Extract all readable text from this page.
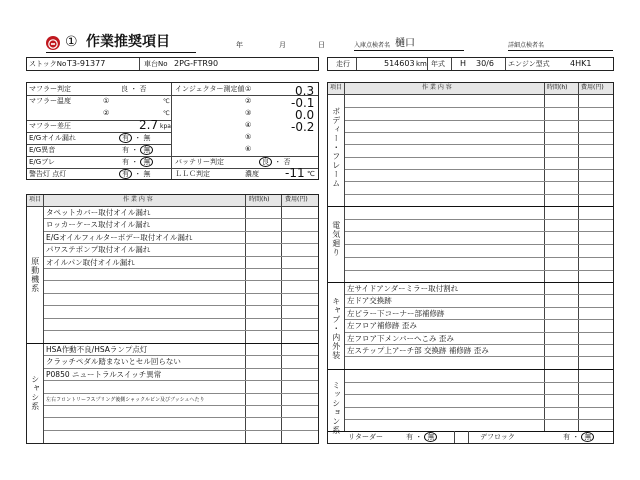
① 作業推奨項目	年	月	日	入庫点検者名 樋口	詳細点検者名
ストックNo T3-91377	車台No 2PG-FTR90	走行	514603 km 年式 H 30/6 エンジン型式	4HK1
マフラー判定	良 ・ 否
マフラー温度	①	℃
②	℃
マフラー差圧	2.7 kpa
E/Gオイル漏れ	有 ・ 無
E/G異音	有 ・ 無
E/Gブレ	有 ・ 無
警告灯 点灯	有 ・ 無
インジェクター測定値 ①	0.3
②	-0.1
③	0.0
④	-0.2
⑤
⑥
バッテリー判定	良 ・ 否
ＬＬＣ判定	濃度 -11 ℃
項目	作 業 内 容	時間(h)	費用(円)
原動機系
タペットカバー取付オイル漏れ
ロッカーケース取付オイル漏れ
E/Gオイルフィルターボデー取付オイル漏れ
パワステポンプ取付オイル漏れ
オイルパン取付オイル漏れ
シャシ系
HSA作動不良/HSAランプ点灯
クラッチペダル踏まないとセル回らない
P0850 ニュートラルスイッチ異常
左右フロントリーフスプリング後側シャックルピン及びブッシュへたり
項目	作 業 内 容	時間(h) 費用(円)
ボディー・フレーム
電気廻り
キャブ・内外装
左サイドアンダーミラー取付割れ
左ドア交換跡
左ピラー下コーナー部補修跡
左フロア補修跡 歪み
左フロア下メンバーへこみ 歪み
左ステップ上アーチ部 交換跡 補修跡 歪み
ミッション系
リターダー	有 ・ 無	デフロック	有 ・ 無
